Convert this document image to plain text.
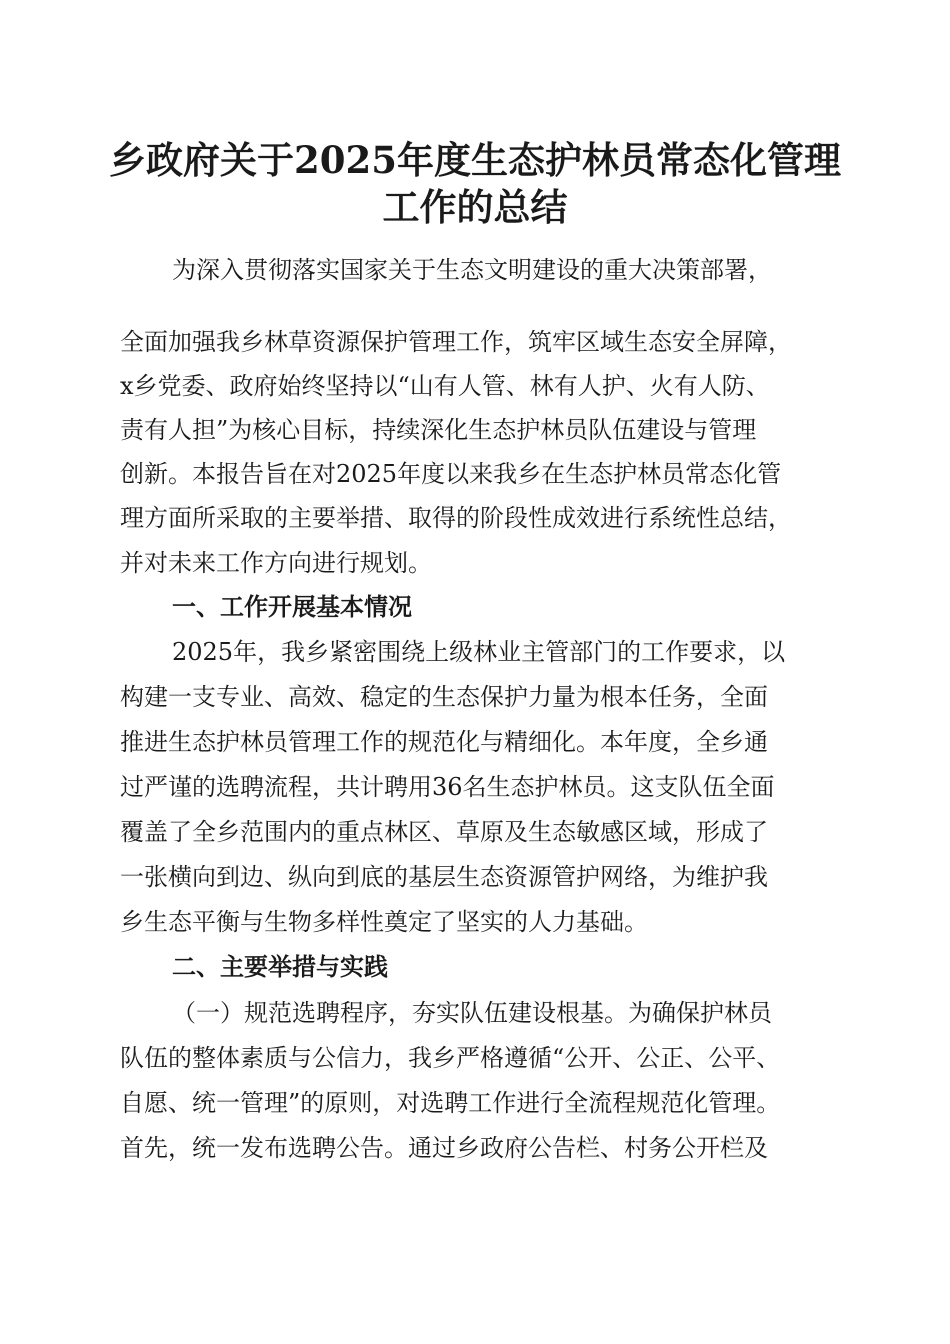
乡政府关于2025年度生态护林员常态化管理
工作的总结
为深入贯彻落实国家关于生态文明建设的重大决策部署，
全面加强我乡林草资源保护管理工作，筑牢区域生态安全屏障，
x乡党委、政府始终坚持以“山有人管、林有人护、火有人防、
责有人担”为核心目标，持续深化生态护林员队伍建设与管理
创新。本报告旨在对2025年度以来我乡在生态护林员常态化管
理方面所采取的主要举措、取得的阶段性成效进行系统性总结，
并对未来工作方向进行规划。
一、工作开展基本情况
2025年，我乡紧密围绕上级林业主管部门的工作要求，以
构建一支专业、高效、稳定的生态保护力量为根本任务，全面
推进生态护林员管理工作的规范化与精细化。本年度，全乡通
过严谨的选聘流程，共计聘用36名生态护林员。这支队伍全面
覆盖了全乡范围内的重点林区、草原及生态敏感区域，形成了
一张横向到边、纵向到底的基层生态资源管护网络，为维护我
乡生态平衡与生物多样性奠定了坚实的人力基础。
二、主要举措与实践
（一）规范选聘程序，夯实队伍建设根基。为确保护林员
队伍的整体素质与公信力，我乡严格遵循“公开、公正、公平、
自愿、统一管理”的原则，对选聘工作进行全流程规范化管理。
首先，统一发布选聘公告。通过乡政府公告栏、村务公开栏及
